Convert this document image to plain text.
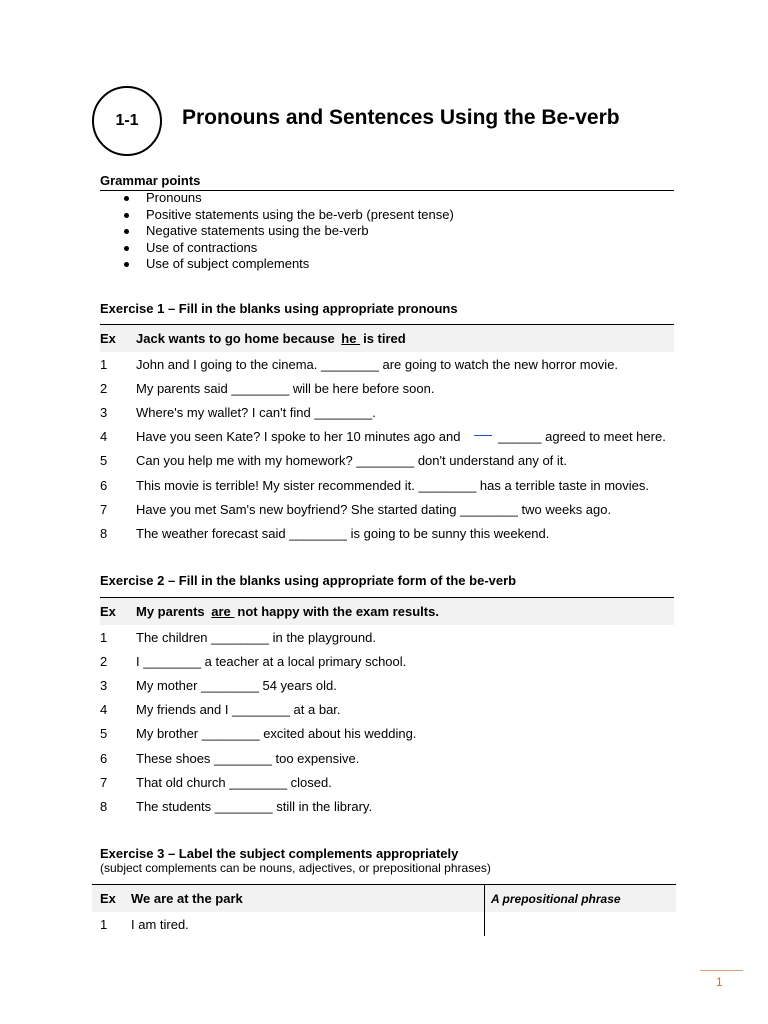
1-1 Pronouns and Sentences Using the Be-verb
Grammar points
Pronouns
Positive statements using the be-verb (present tense)
Negative statements using the be-verb
Use of contractions
Use of subject complements
Exercise 1 – Fill in the blanks using appropriate pronouns
Ex	Jack wants to go home because he is tired
1	John and I going to the cinema. ________ are going to watch the new horror movie.
2	My parents said ________ will be here before soon.
3	Where's my wallet? I can't find ________.
4	Have you seen Kate? I spoke to her 10 minutes ago and	______ agreed to meet here.
5	Can you help me with my homework? ________ don't understand any of it.
6	This movie is terrible! My sister recommended it. ________ has a terrible taste in movies.
7	Have you met Sam's new boyfriend? She started dating ________ two weeks ago.
8	The weather forecast said ________ is going to be sunny this weekend.
Exercise 2 – Fill in the blanks using appropriate form of the be-verb
Ex	My parents are not happy with the exam results.
1	The children ________ in the playground.
2	I ________ a teacher at a local primary school.
3	My mother ________ 54 years old.
4	My friends and I ________ at a bar.
5	My brother ________ excited about his wedding.
6	These shoes ________ too expensive.
7	That old church ________ closed.
8	The students ________ still in the library.
Exercise 3 – Label the subject complements appropriately
(subject complements can be nouns, adjectives, or prepositional phrases)
Ex	We are at the park	A prepositional phrase
1	I am tired.
1
